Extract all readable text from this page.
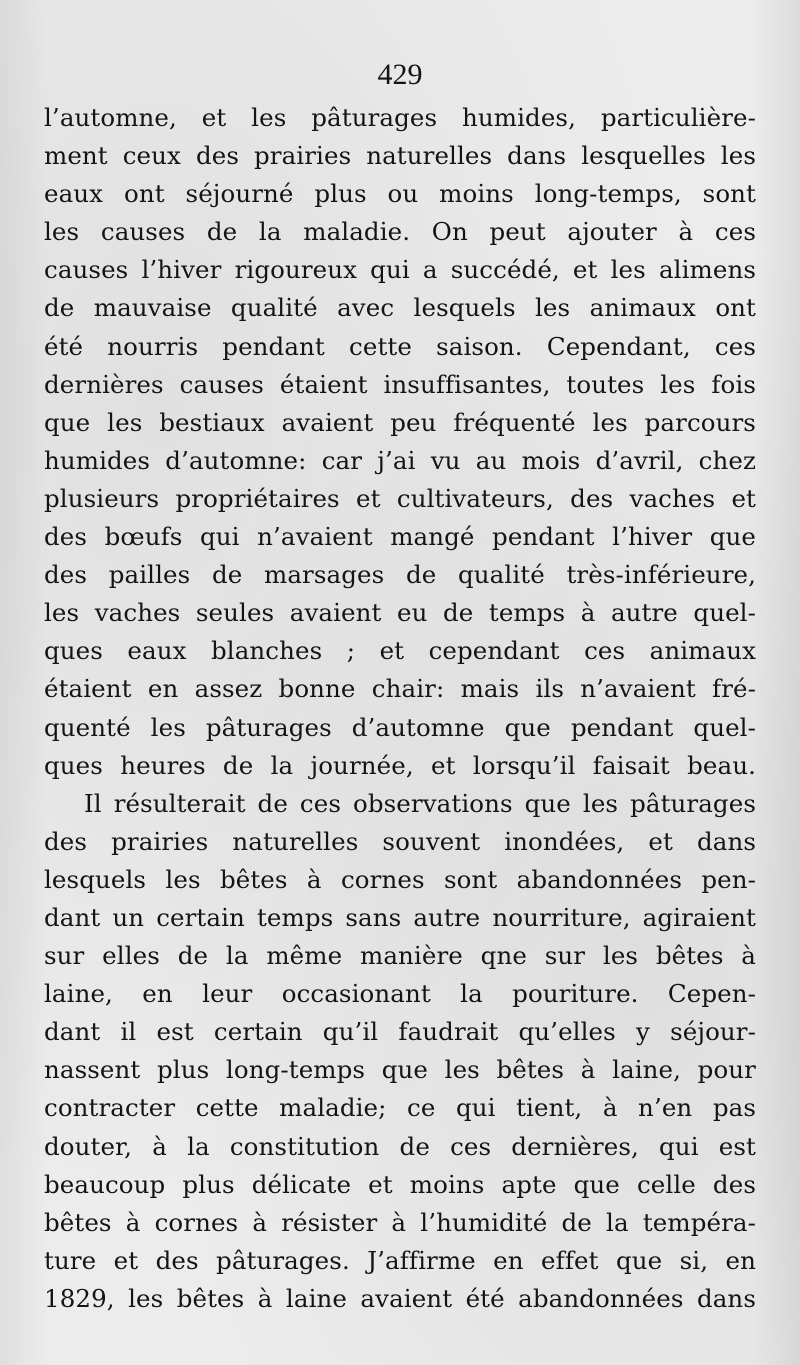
429
l’automne, et les pâturages humides, particulière-
ment ceux des prairies naturelles dans lesquelles les
eaux ont séjourné plus ou moins long-temps, sont
les causes de la maladie. On peut ajouter à ces
causes l’hiver rigoureux qui a succédé, et les alimens
de mauvaise qualité avec lesquels les animaux ont
été nourris pendant cette saison. Cependant, ces
dernières causes étaient insuffisantes, toutes les fois
que les bestiaux avaient peu fréquenté les parcours
humides d’automne: car j’ai vu au mois d’avril, chez
plusieurs propriétaires et cultivateurs, des vaches et
des bœufs qui n’avaient mangé pendant l’hiver que
des pailles de marsages de qualité très-inférieure,
les vaches seules avaient eu de temps à autre quel-
ques eaux blanches ; et cependant ces animaux
étaient en assez bonne chair: mais ils n’avaient fré-
quenté les pâturages d’automne que pendant quel-
ques heures de la journée, et lorsqu’il faisait beau.
Il résulterait de ces observations que les pâturages
des prairies naturelles souvent inondées, et dans
lesquels les bêtes à cornes sont abandonnées pen-
dant un certain temps sans autre nourriture, agiraient
sur elles de la même manière qne sur les bêtes à
laine, en leur occasionant la pouriture. Cepen-
dant il est certain qu’il faudrait qu’elles y séjour-
nassent plus long-temps que les bêtes à laine, pour
contracter cette maladie; ce qui tient, à n’en pas
douter, à la constitution de ces dernières, qui est
beaucoup plus délicate et moins apte que celle des
bêtes à cornes à résister à l’humidité de la tempéra-
ture et des pâturages. J’affirme en effet que si, en
1829, les bêtes à laine avaient été abandonnées dans
